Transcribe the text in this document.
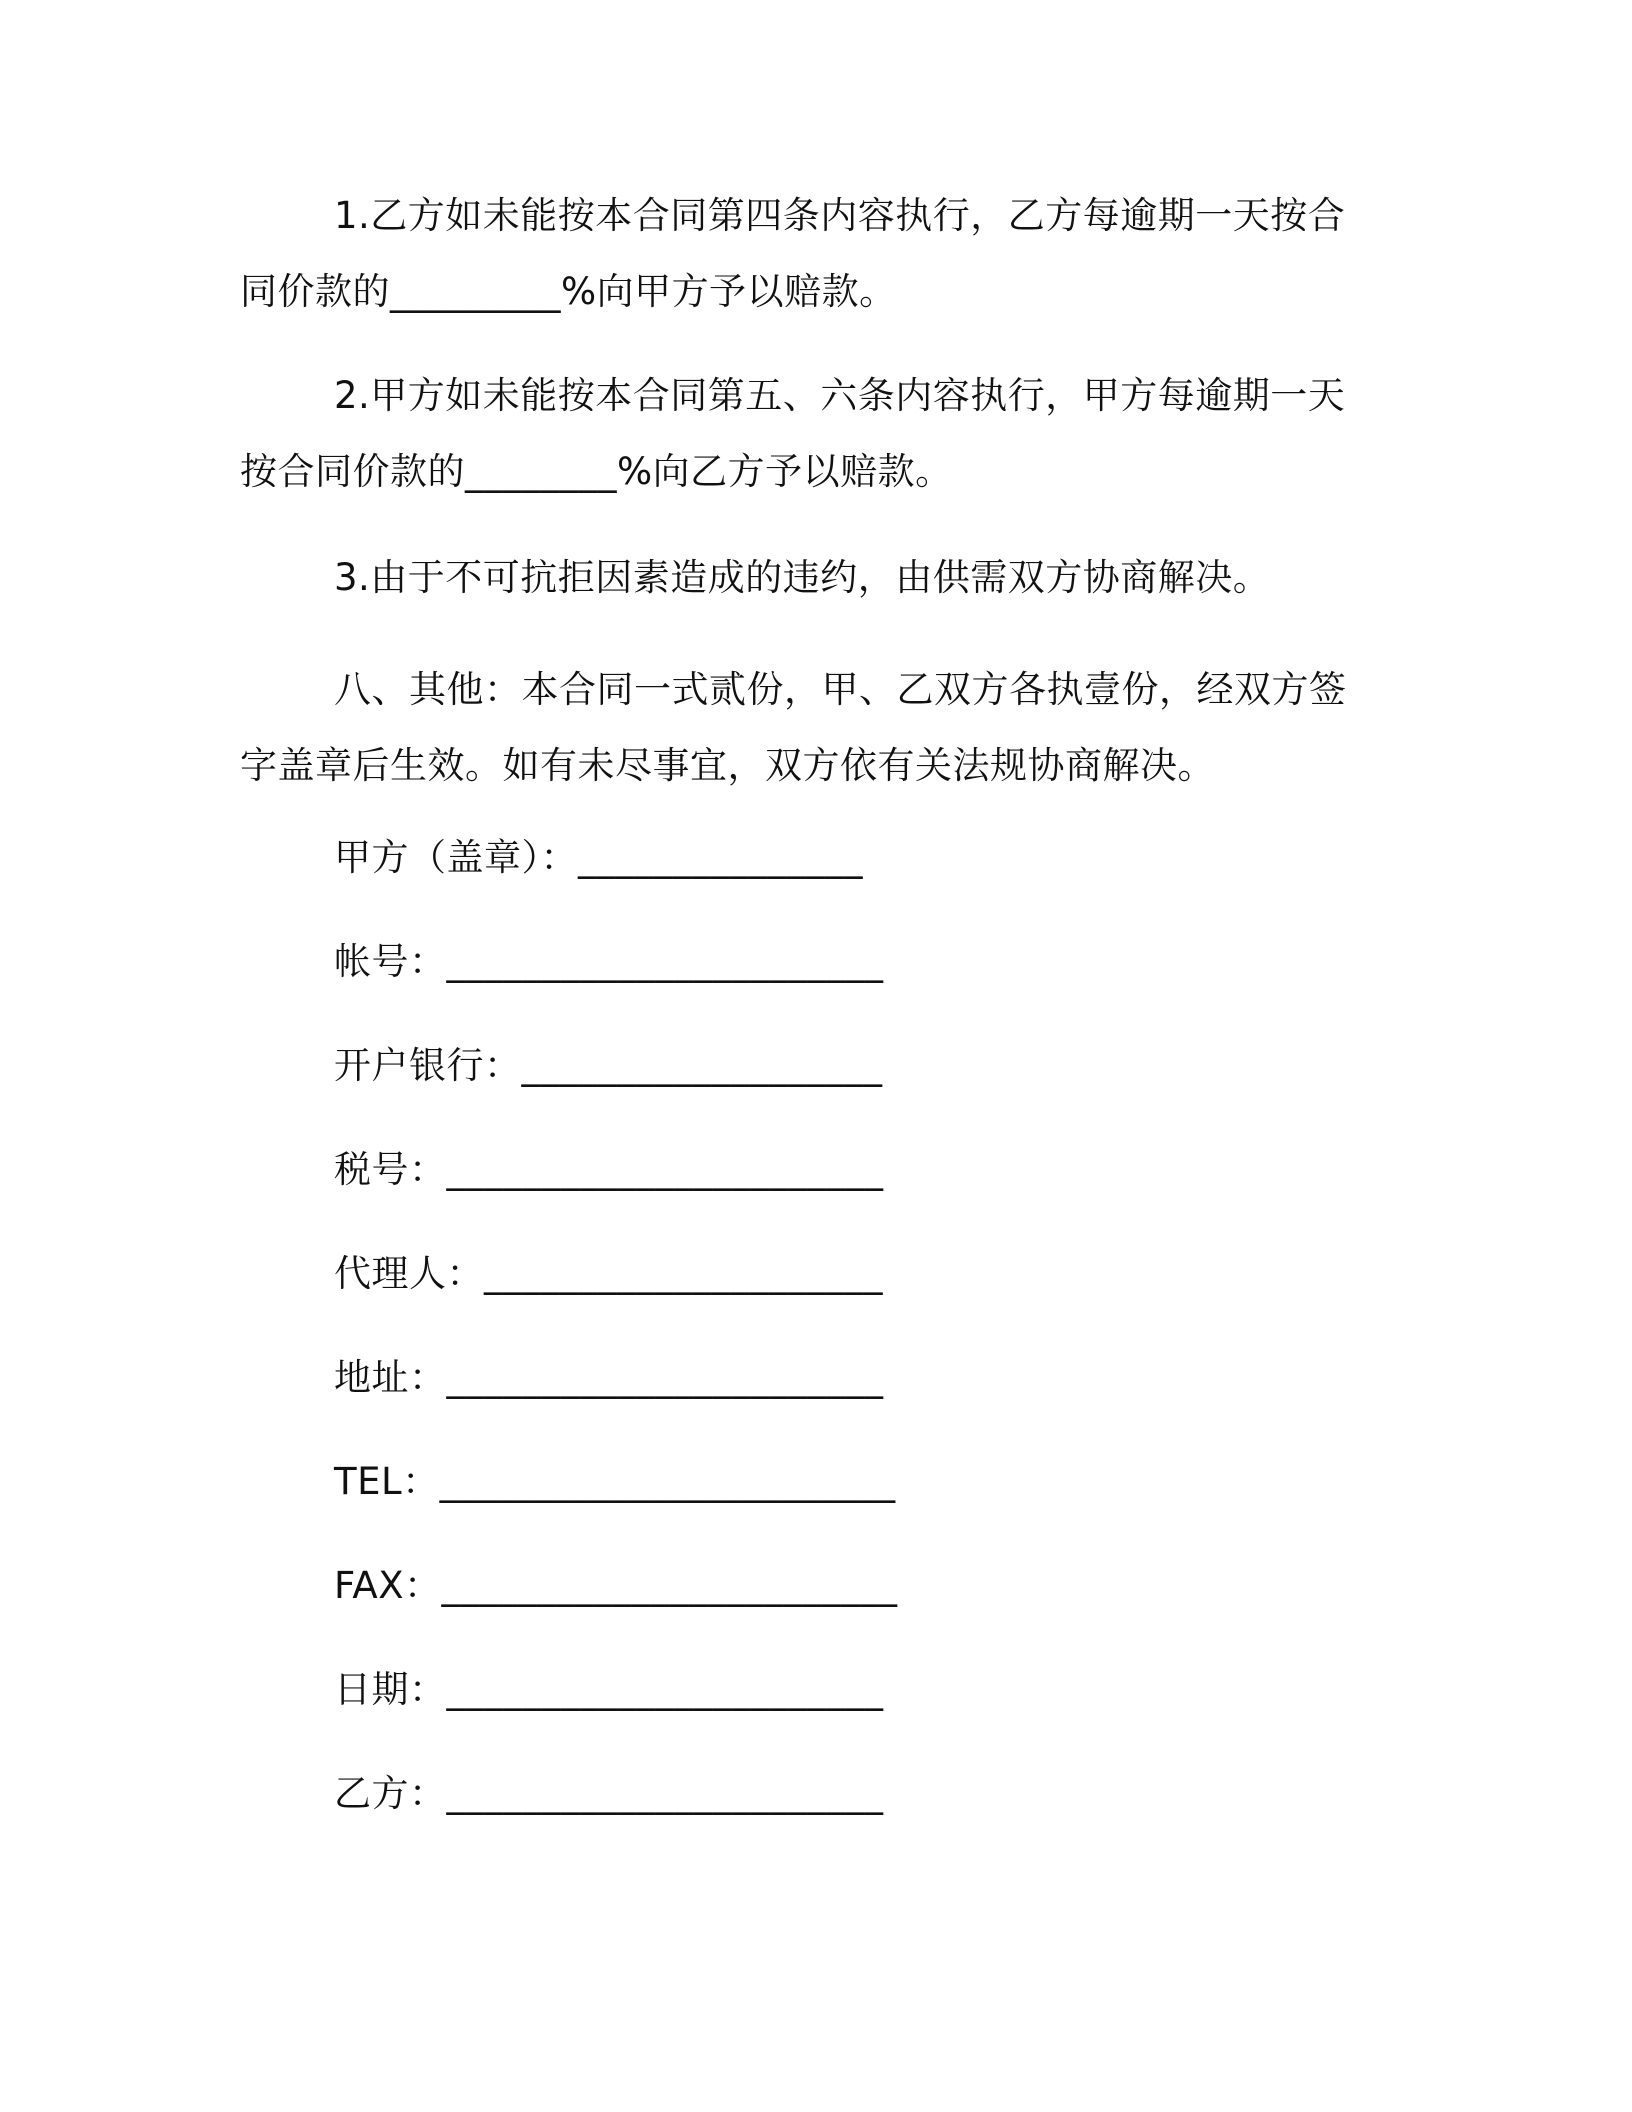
1.乙方如未能按本合同第四条内容执行，乙方每逾期一天按合同价款的_________%向甲方予以赔款。

2.甲方如未能按本合同第五、六条内容执行，甲方每逾期一天按合同价款的________%向乙方予以赔款。

3.由于不可抗拒因素造成的违约，由供需双方协商解决。

八、其他：本合同一式贰份，甲、乙双方各执壹份，经双方签字盖章后生效。如有未尽事宜，双方依有关法规协商解决。

甲方（盖章）：_______________
帐号：_______________________
开户银行：___________________
税号：_______________________
代理人：_____________________
地址：_______________________
TEL：________________________
FAX：________________________
日期：_______________________
乙方：_______________________
